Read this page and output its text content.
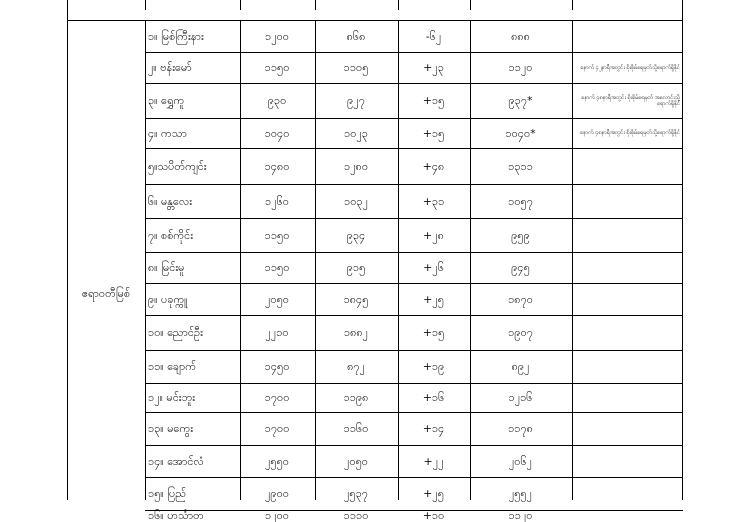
ဧရာဝတီမြစ်
၁။ မြစ်ကြီးနား	၁၂၀၀	၈၆၈	-၆၂	၈၈၈
၂။ ဗန်းမော်	၁၁၅၀	၁၁၀၅	+၂၃	၁၁၂၀	နောက် ၄၂နာရီအတွင်း စိုးစိုမ်ရေမှတ်သို့ရောက်ရှိနိုင်
၃။ ရွှေကူ	၉၃၀	၉၂၇	+၁၅	၉၃၇*	နောက် ၄၈နာရီအတွင်း စိုးစိုမ်ရေမှတ် အလောင်းသို့ ရောက်ရှိနိုင်
၄။ ကသာ	၁၀၄၀	၁၀၂၃	+၁၅	၁၀၄၀*	နောက် ၄၈နာရီအတွင်း စိုးစိုမ်ရေမှတ်သို့ရောက်ရှိနိုင်
၅။သပိတ်ကျင်း	၁၄၈၀	၁၂၈၀	+၄၈	၁၃၁၁
၆။ မန္တလေး	၁၂၆၀	၁၀၃၂	+၃၁	၁၀၅၇
၇။ စစ်ကိုင်း	၁၁၅၀	၉၃၄	+၂၈	၉၅၉
၈။ မြင်းမူ	၁၁၅၀	၉၁၅	+၂၆	၉၄၅
၉။ ပခုက္ကူ	၂၀၅၀	၁၈၄၅	+၂၅	၁၈၇၀
၁၀။ ညောင်ဦး	၂၂၁၀	၁၈၈၂	+၁၅	၁၉၀၇
၁၁။ ချောက်	၁၄၅၀	၈၇၂	+၁၉	၈၉၂
၁၂။ မင်းဘူး	၁၇၀၀	၁၁၉၈	+၁၆	၁၂၁၆
၁၃။ မကွေး	၁၇၀၀	၁၁၆၀	+၁၄	၁၁၇၈
၁၄။ အောင်လံ	၂၅၅၀	၂၀၅၀	+၂၂	၂၀၆၂
၁၅။ ပြည်	၂၉၀၀	၂၅၃၇	+၂၅	၂၅၅၂
၁၆။ ဟင်္သာတ	၁၂၀၀	၁၁၁၀	+၁၀	၁၁၂၀
